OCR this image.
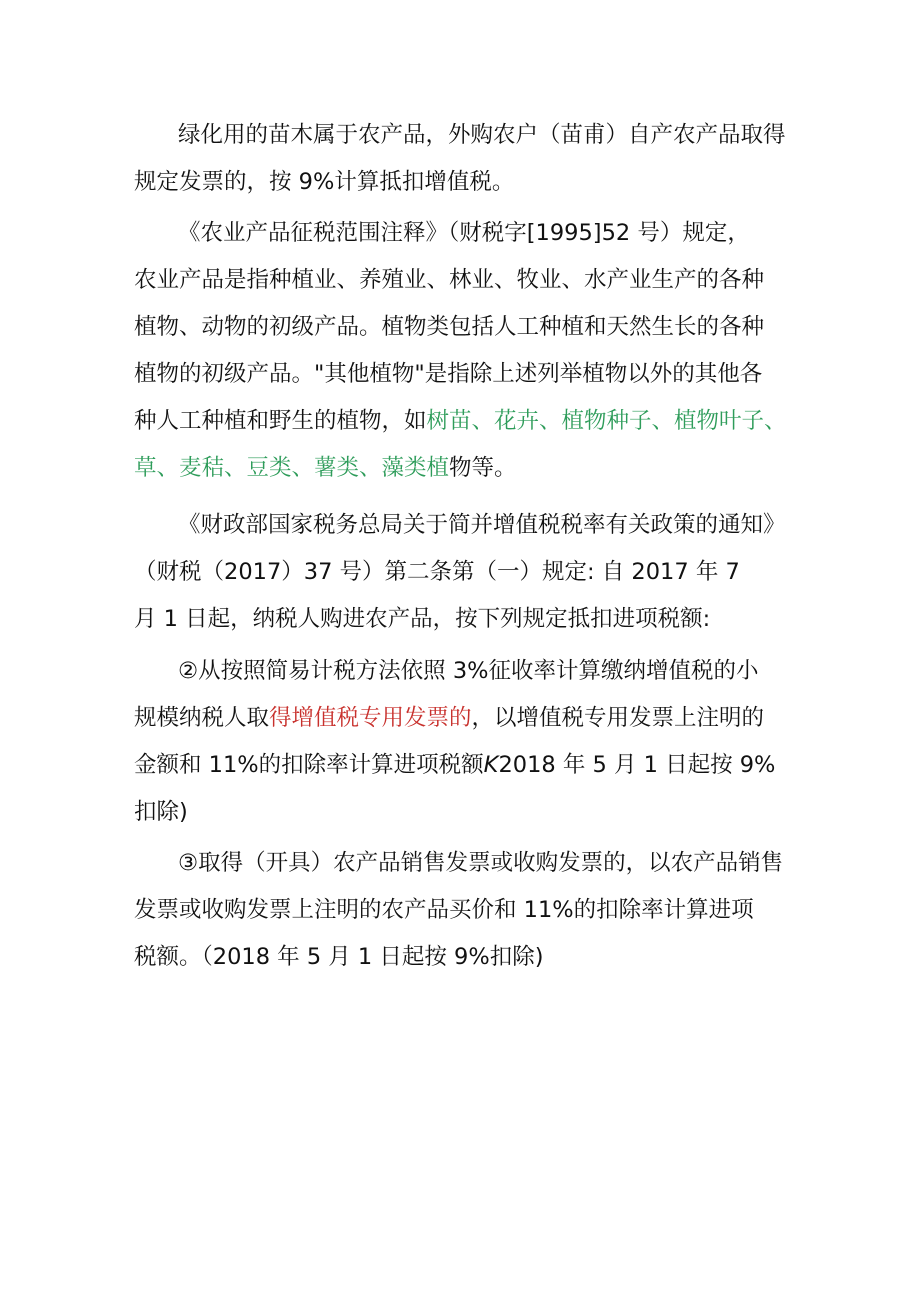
绿化用的苗木属于农产品，外购农户（苗甫）自产农产品取得
规定发票的，按 9%计算抵扣增值税。
《农业产品征税范围注释》（财税字[1995]52 号）规定，
农业产品是指种植业、养殖业、林业、牧业、水产业生产的各种
植物、动物的初级产品。植物类包括人工种植和天然生长的各种
植物的初级产品。"其他植物"是指除上述列举植物以外的其他各
种人工种植和野生的植物，如树苗、花卉、植物种子、植物叶子、
草、麦秸、豆类、薯类、藻类植物等。
《财政部国家税务总局关于简并增值税税率有关政策的通知》
（财税（2017）37 号）第二条第（一）规定: 自 2017 年 7
月 1 日起，纳税人购进农产品，按下列规定抵扣进项税额:
②从按照简易计税方法依照 3%征收率计算缴纳增值税的小
规模纳税人取得增值税专用发票的，以增值税专用发票上注明的
金额和 11%的扣除率计算进项税额K2018 年 5 月 1 日起按 9%
扣除)
③取得（开具）农产品销售发票或收购发票的，以农产品销售
发票或收购发票上注明的农产品买价和 11%的扣除率计算进项
税额。（2018 年 5 月 1 日起按 9%扣除)
